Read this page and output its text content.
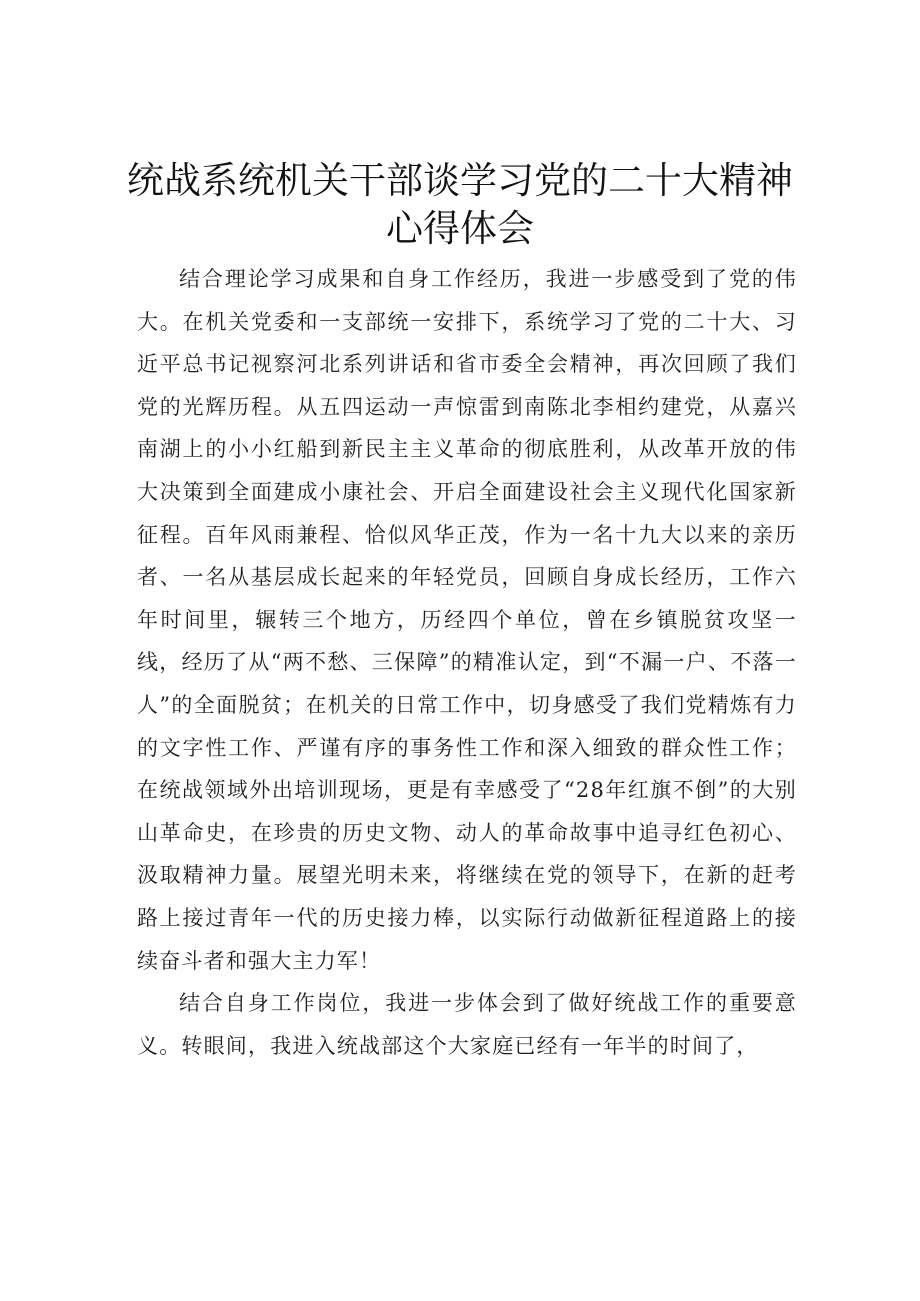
统战系统机关干部谈学习党的二十大精神
心得体会

结合理论学习成果和自身工作经历，我进一步感受到了党的伟大。在机关党委和一支部统一安排下，系统学习了党的二十大、习近平总书记视察河北系列讲话和省市委全会精神，再次回顾了我们党的光辉历程。从五四运动一声惊雷到南陈北李相约建党，从嘉兴南湖上的小小红船到新民主主义革命的彻底胜利，从改革开放的伟大决策到全面建成小康社会、开启全面建设社会主义现代化国家新征程。百年风雨兼程、恰似风华正茂，作为一名十九大以来的亲历者、一名从基层成长起来的年轻党员，回顾自身成长经历，工作六年时间里，辗转三个地方，历经四个单位，曾在乡镇脱贫攻坚一线，经历了从“两不愁、三保障”的精准认定，到“不漏一户、不落一人”的全面脱贫；在机关的日常工作中，切身感受了我们党精炼有力的文字性工作、严谨有序的事务性工作和深入细致的群众性工作；在统战领域外出培训现场，更是有幸感受了“28年红旗不倒”的大别山革命史，在珍贵的历史文物、动人的革命故事中追寻红色初心、汲取精神力量。展望光明未来，将继续在党的领导下，在新的赶考路上接过青年一代的历史接力棒，以实际行动做新征程道路上的接续奋斗者和强大主力军！

结合自身工作岗位，我进一步体会到了做好统战工作的重要意义。转眼间，我进入统战部这个大家庭已经有一年半的时间了，
